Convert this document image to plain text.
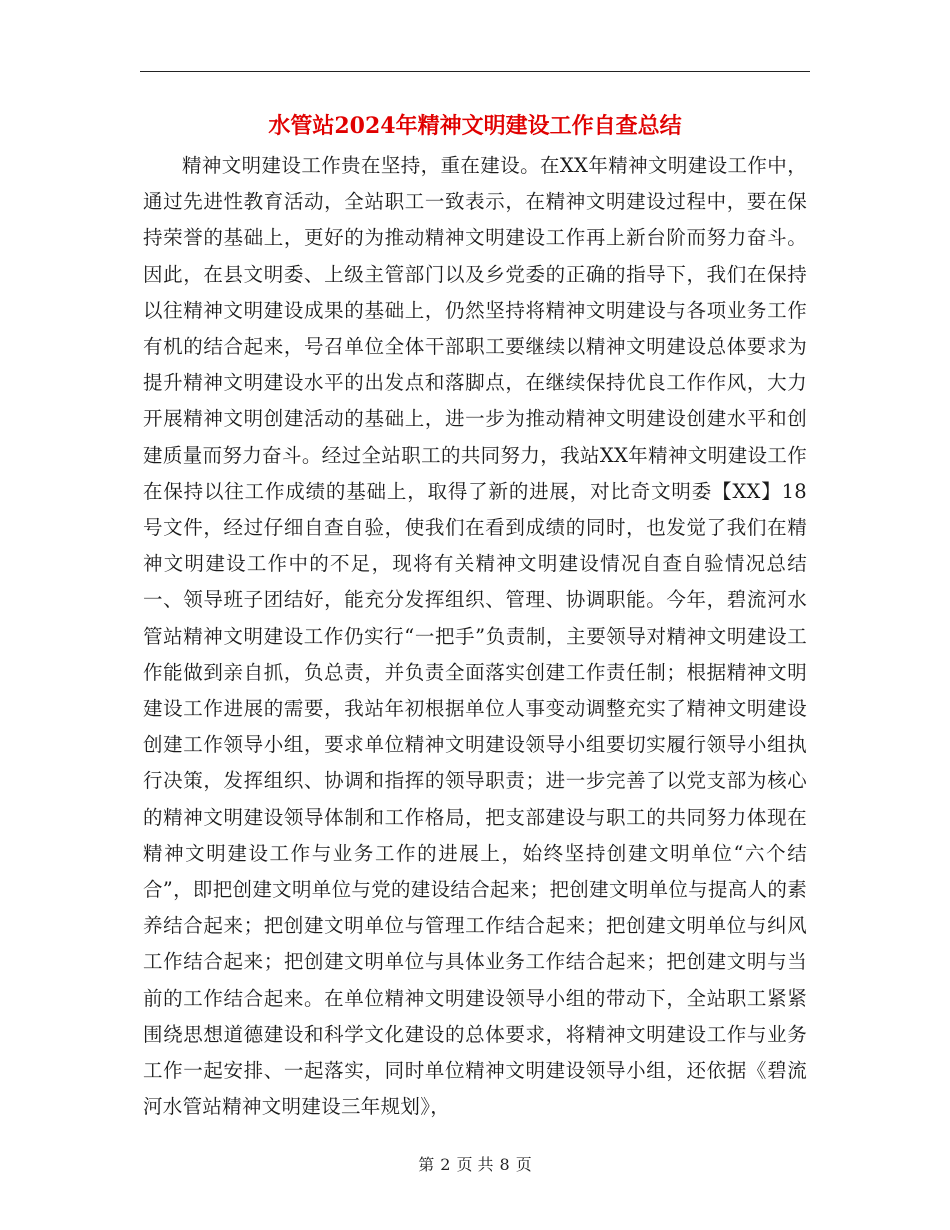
水管站2024年精神文明建设工作自查总结

精神文明建设工作贵在坚持，重在建设。在XX年精神文明建设工作中，通过先进性教育活动，全站职工一致表示，在精神文明建设过程中，要在保持荣誉的基础上，更好的为推动精神文明建设工作再上新台阶而努力奋斗。因此，在县文明委、上级主管部门以及乡党委的正确的指导下，我们在保持以往精神文明建设成果的基础上，仍然坚持将精神文明建设与各项业务工作有机的结合起来，号召单位全体干部职工要继续以精神文明建设总体要求为提升精神文明建设水平的出发点和落脚点，在继续保持优良工作作风，大力开展精神文明创建活动的基础上，进一步为推动精神文明建设创建水平和创建质量而努力奋斗。经过全站职工的共同努力，我站XX年精神文明建设工作在保持以往工作成绩的基础上，取得了新的进展，对比奇文明委【XX】18号文件，经过仔细自查自验，使我们在看到成绩的同时，也发觉了我们在精神文明建设工作中的不足，现将有关精神文明建设情况自查自验情况总结 一、领导班子团结好，能充分发挥组织、管理、协调职能。今年，碧流河水管站精神文明建设工作仍实行“一把手”负责制，主要领导对精神文明建设工作能做到亲自抓，负总责，并负责全面落实创建工作责任制；根据精神文明建设工作进展的需要，我站年初根据单位人事变动调整充实了精神文明建设创建工作领导小组，要求单位精神文明建设领导小组要切实履行领导小组执行决策，发挥组织、协调和指挥的领导职责；进一步完善了以党支部为核心的精神文明建设领导体制和工作格局，把支部建设与职工的共同努力体现在精神文明建设工作与业务工作的进展上，始终坚持创建文明单位“六个结合”，即把创建文明单位与党的建设结合起来；把创建文明单位与提高人的素养结合起来；把创建文明单位与管理工作结合起来；把创建文明单位与纠风工作结合起来；把创建文明单位与具体业务工作结合起来；把创建文明与当前的工作结合起来。在单位精神文明建设领导小组的带动下，全站职工紧紧围绕思想道德建设和科学文化建设的总体要求，将精神文明建设工作与业务工作一起安排、一起落实，同时单位精神文明建设领导小组，还依据《碧流河水管站精神文明建设三年规划》，

第 2 页 共 8 页
